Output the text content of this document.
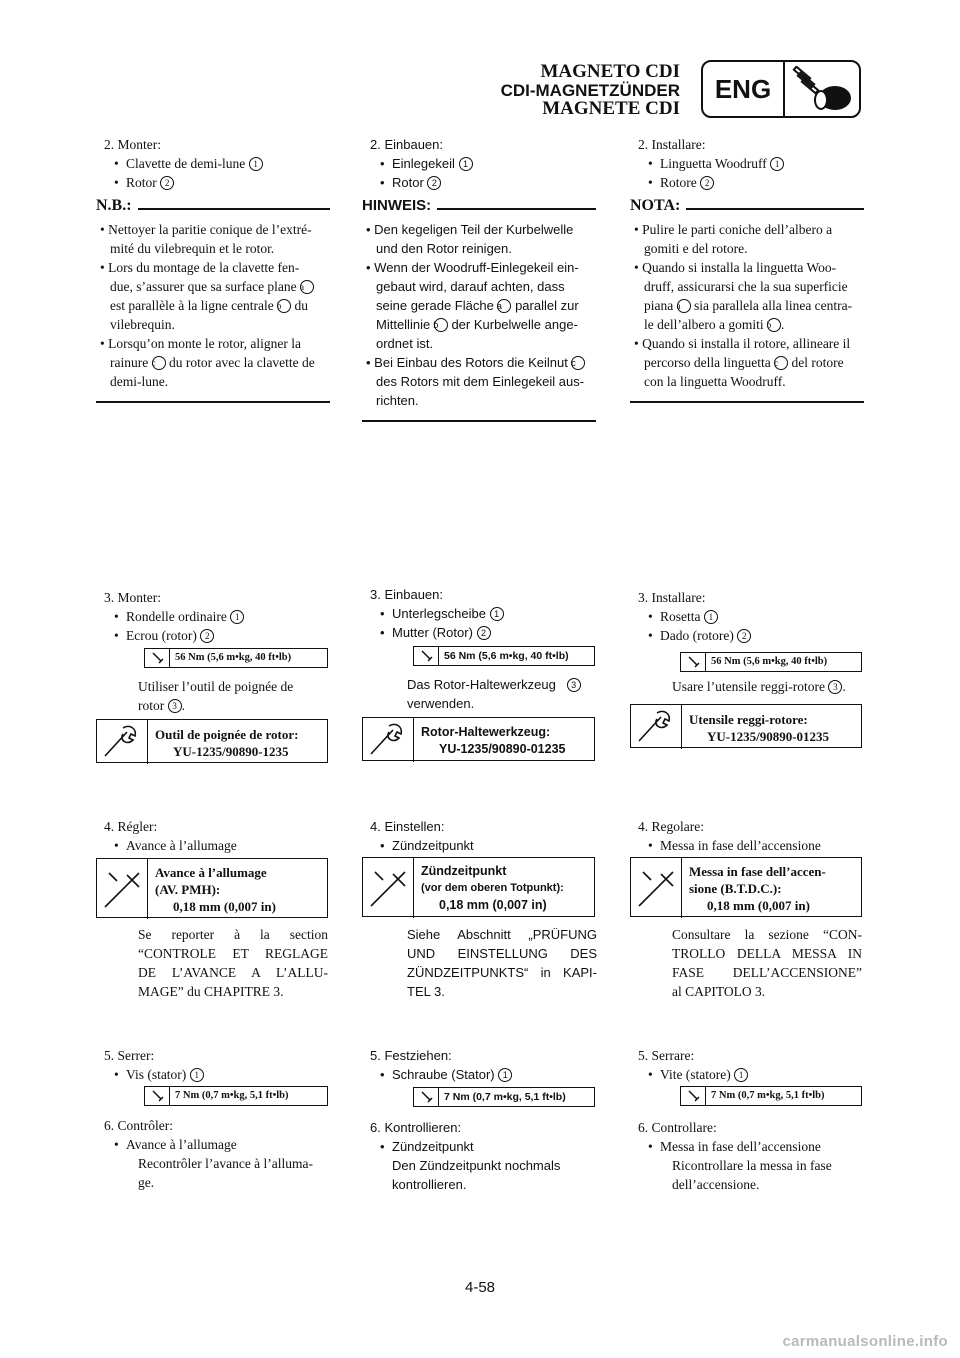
MAGNETO CDI
CDI-MAGNETZÜNDER
MAGNETE CDI
ENG
2. Monter:
• Clavette de demi-lune 1
• Rotor 2
N.B.:
• Nettoyer la paritie conique de l’extré-
mité du vilebrequin et le rotor.
• Lors du montage de la clavette fen-
due, s’assurer que sa surface plane a
est parallèle à la ligne centrale b du
vilebrequin.
• Lorsqu’on monte le rotor, aligner la
rainure c du rotor avec la clavette de
demi-lune.
3. Monter:
• Rondelle ordinaire 1
• Ecrou (rotor) 2
56 Nm (5,6 m•kg, 40 ft•lb)
Utiliser l’outil de poignée de
rotor 3 .
Outil de poignée de rotor:
YU-1235/90890-1235
4. Régler:
• Avance à l’allumage
Avance à l’allumage
(AV. PMH):
0,18 mm (0,007 in)
Se reporter à la section
“CONTROLE ET REGLAGE
DE L’AVANCE A L’ALLU-
MAGE” du CHAPITRE 3.
5. Serrer:
• Vis (stator) 1
7 Nm (0,7 m•kg, 5,1 ft•lb)
6. Contrôler:
• Avance à l’allumage
Recontrôler l’avance à l’alluma-
ge.
2. Einbauen:
• Einlegekeil 1
• Rotor 2
HINWEIS:
• Den kegeligen Teil der Kurbelwelle
und den Rotor reinigen.
• Wenn der Woodruff-Einlegekeil ein-
gebaut wird, darauf achten, dass
seine gerade Fläche a parallel zur
Mittellinie b der Kurbelwelle ange-
ordnet ist.
• Bei Einbau des Rotors die Keilnut c
des Rotors mit dem Einlegekeil aus-
richten.
3. Einbauen:
• Unterlegscheibe 1
• Mutter (Rotor) 2
56 Nm (5,6 m•kg, 40 ft•lb)
Das Rotor-Haltewerkzeug 3
verwenden.
Rotor-Haltewerkzeug:
YU-1235/90890-01235
4. Einstellen:
• Zündzeitpunkt
Zündzeitpunkt
(vor dem oberen Totpunkt):
0,18 mm (0,007 in)
Siehe Abschnitt „PRÜFUNG
UND EINSTELLUNG DES
ZÜNDZEITPUNKTS“ in KAPI-
TEL 3.
5. Festziehen:
• Schraube (Stator) 1
7 Nm (0,7 m•kg, 5,1 ft•lb)
6. Kontrollieren:
• Zündzeitpunkt
Den Zündzeitpunkt nochmals
kontrollieren.
2. Installare:
• Linguetta Woodruff 1
• Rotore 2
NOTA:
• Pulire le parti coniche dell’albero a
gomiti e del rotore.
• Quando si installa la linguetta Woo-
druff, assicurarsi che la sua superficie
piana a sia parallela alla linea centra-
le dell’albero a gomiti b .
• Quando si installa il rotore, allineare il
percorso della linguetta c del rotore
con la linguetta Woodruff.
3. Installare:
• Rosetta 1
• Dado (rotore) 2
56 Nm (5,6 m•kg, 40 ft•lb)
Usare l’utensile reggi-rotore 3 .
Utensile reggi-rotore:
YU-1235/90890-01235
4. Regolare:
• Messa in fase dell’accensione
Messa in fase dell’accen-
sione (B.T.D.C.):
0,18 mm (0,007 in)
Consultare la sezione “CON-
TROLLO DELLA MESSA IN
FASE DELL’ACCENSIONE”
al CAPITOLO 3.
5. Serrare:
• Vite (statore) 1
7 Nm (0,7 m•kg, 5,1 ft•lb)
6. Controllare:
• Messa in fase dell’accensione
Ricontrollare la messa in fase
dell’accensione.
4-58
carmanualsonline.info
